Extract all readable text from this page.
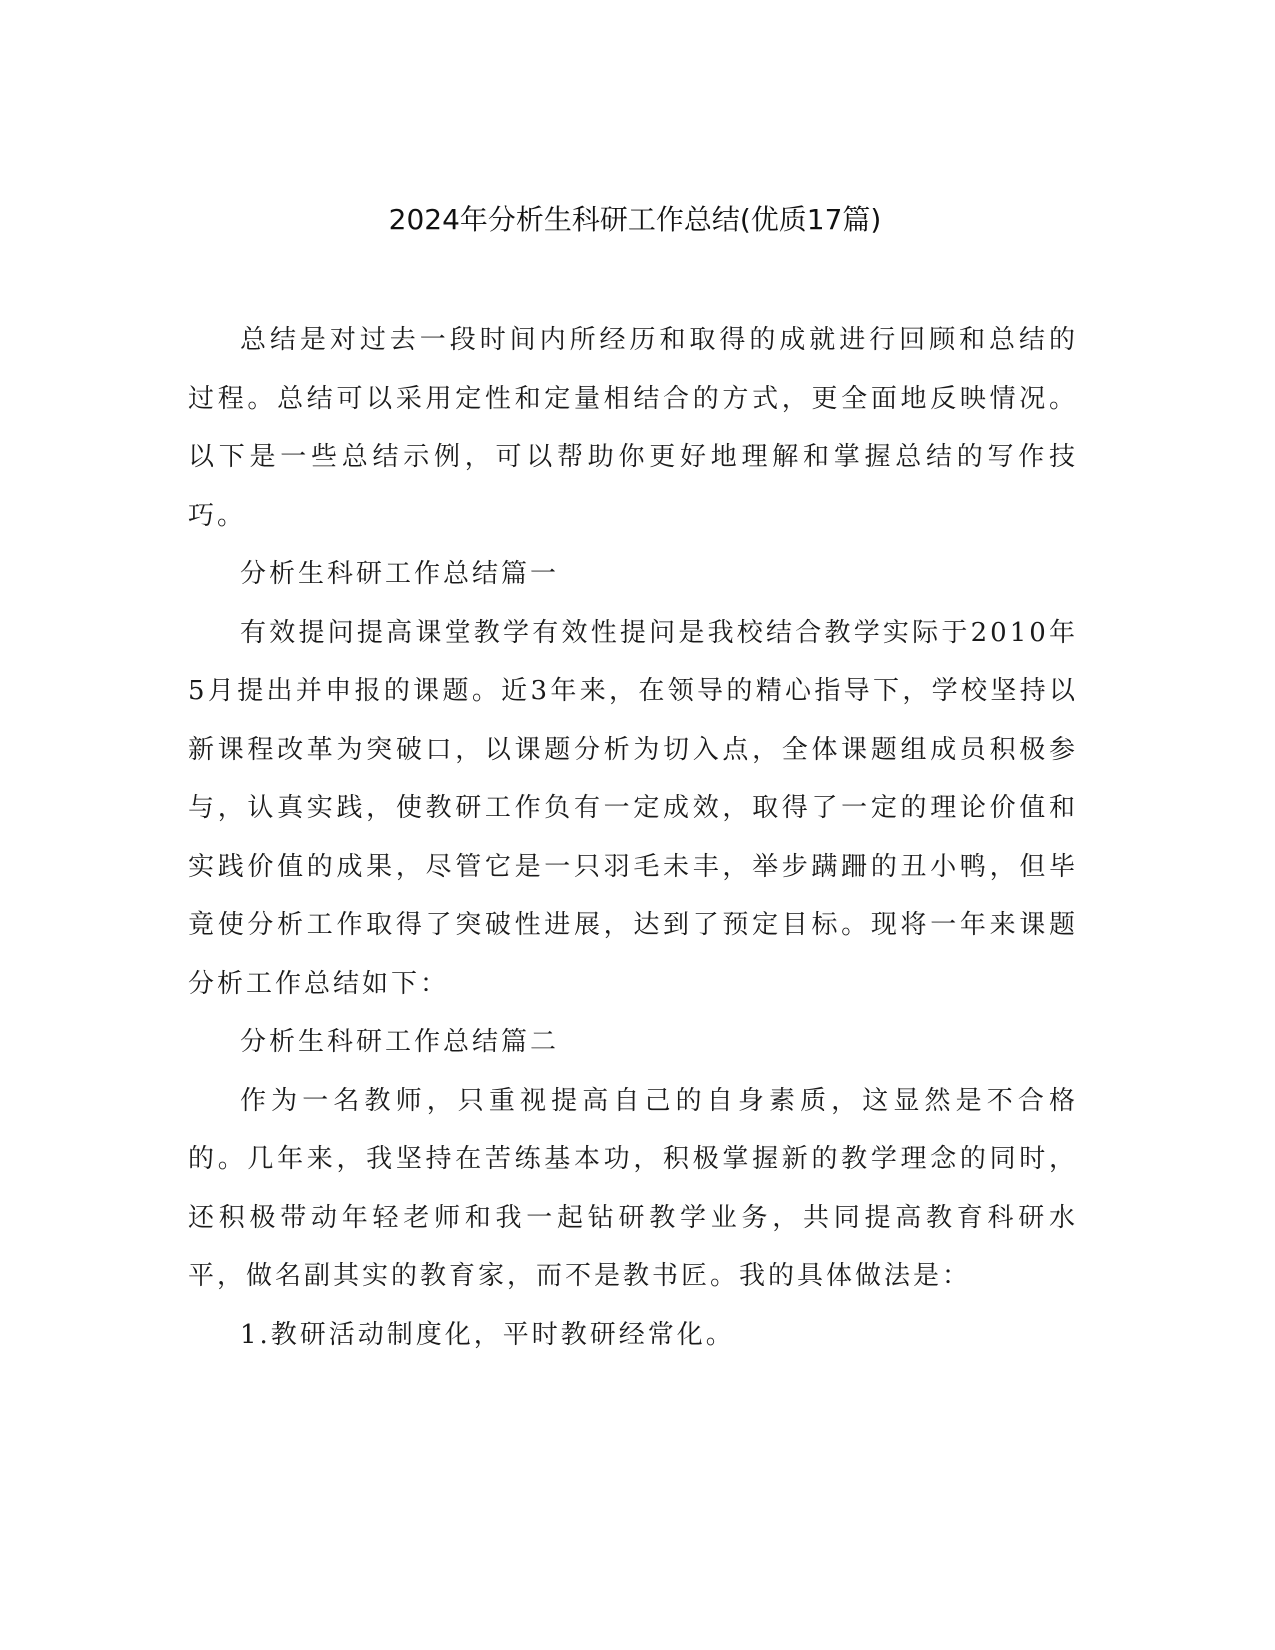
2024年分析生科研工作总结(优质17篇)

总结是对过去一段时间内所经历和取得的成就进行回顾和总结的过程。总结可以采用定性和定量相结合的方式，更全面地反映情况。以下是一些总结示例，可以帮助你更好地理解和掌握总结的写作技巧。

分析生科研工作总结篇一

有效提问提高课堂教学有效性提问是我校结合教学实际于2010年5月提出并申报的课题。近3年来，在领导的精心指导下，学校坚持以新课程改革为突破口，以课题分析为切入点，全体课题组成员积极参与，认真实践，使教研工作负有一定成效，取得了一定的理论价值和实践价值的成果，尽管它是一只羽毛未丰，举步蹒跚的丑小鸭，但毕竟使分析工作取得了突破性进展，达到了预定目标。现将一年来课题分析工作总结如下：

分析生科研工作总结篇二

作为一名教师，只重视提高自己的自身素质，这显然是不合格的。几年来，我坚持在苦练基本功，积极掌握新的教学理念的同时，还积极带动年轻老师和我一起钻研教学业务，共同提高教育科研水平，做名副其实的教育家，而不是教书匠。我的具体做法是：

1.教研活动制度化，平时教研经常化。
